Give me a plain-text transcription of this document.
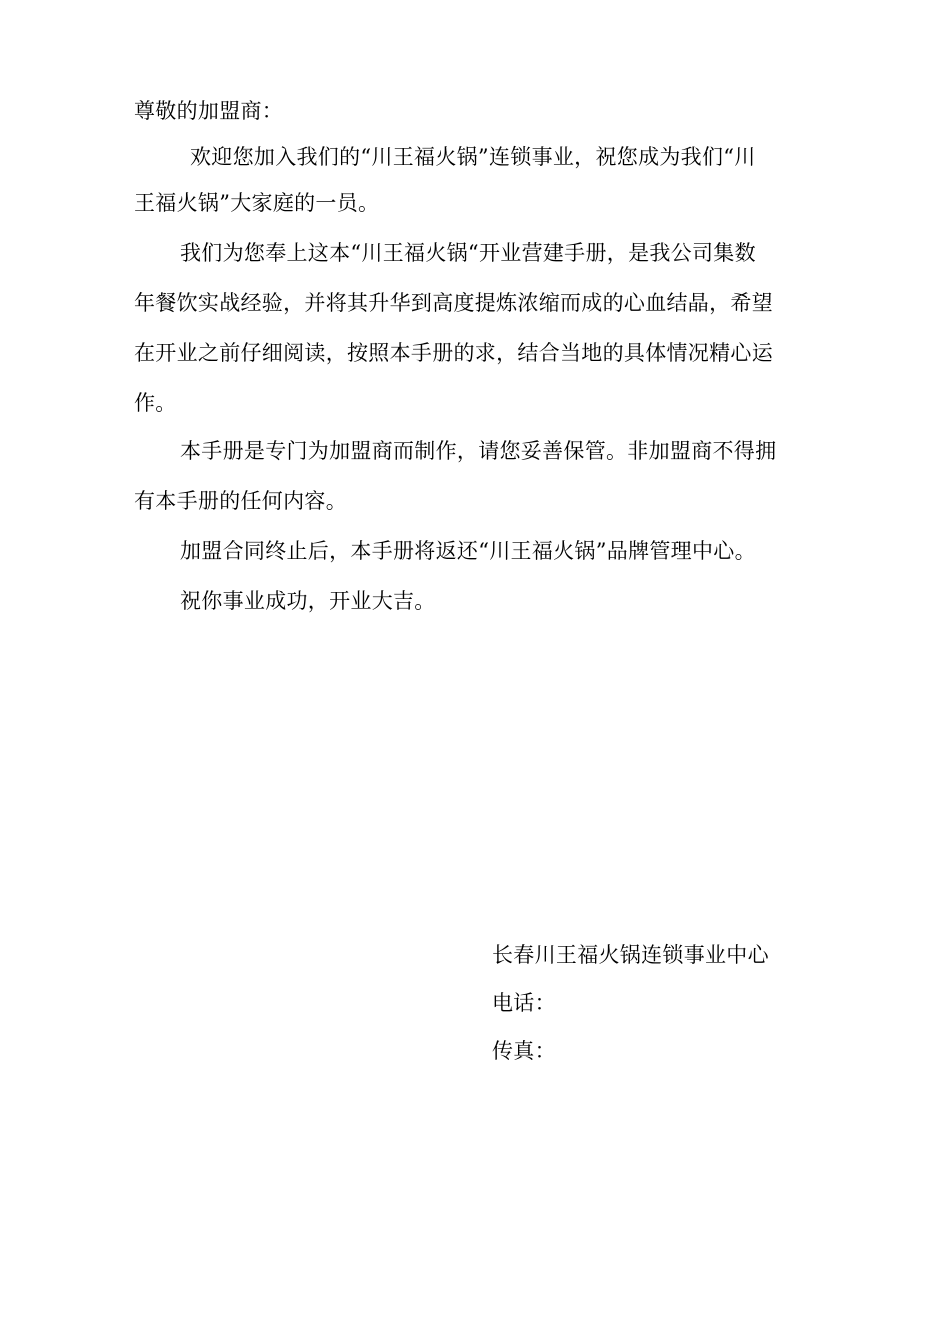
尊敬的加盟商：
欢迎您加入我们的“川王福火锅”连锁事业，祝您成为我们“川
王福火锅”大家庭的一员。
我们为您奉上这本“川王福火锅“开业营建手册，是我公司集数
年餐饮实战经验，并将其升华到高度提炼浓缩而成的心血结晶，希望
在开业之前仔细阅读，按照本手册的求，结合当地的具体情况精心运
作。
本手册是专门为加盟商而制作，请您妥善保管。非加盟商不得拥
有本手册的任何内容。
加盟合同终止后，本手册将返还“川王福火锅”品牌管理中心。
祝你事业成功，开业大吉。
长春川王福火锅连锁事业中心
电话：
传真：
